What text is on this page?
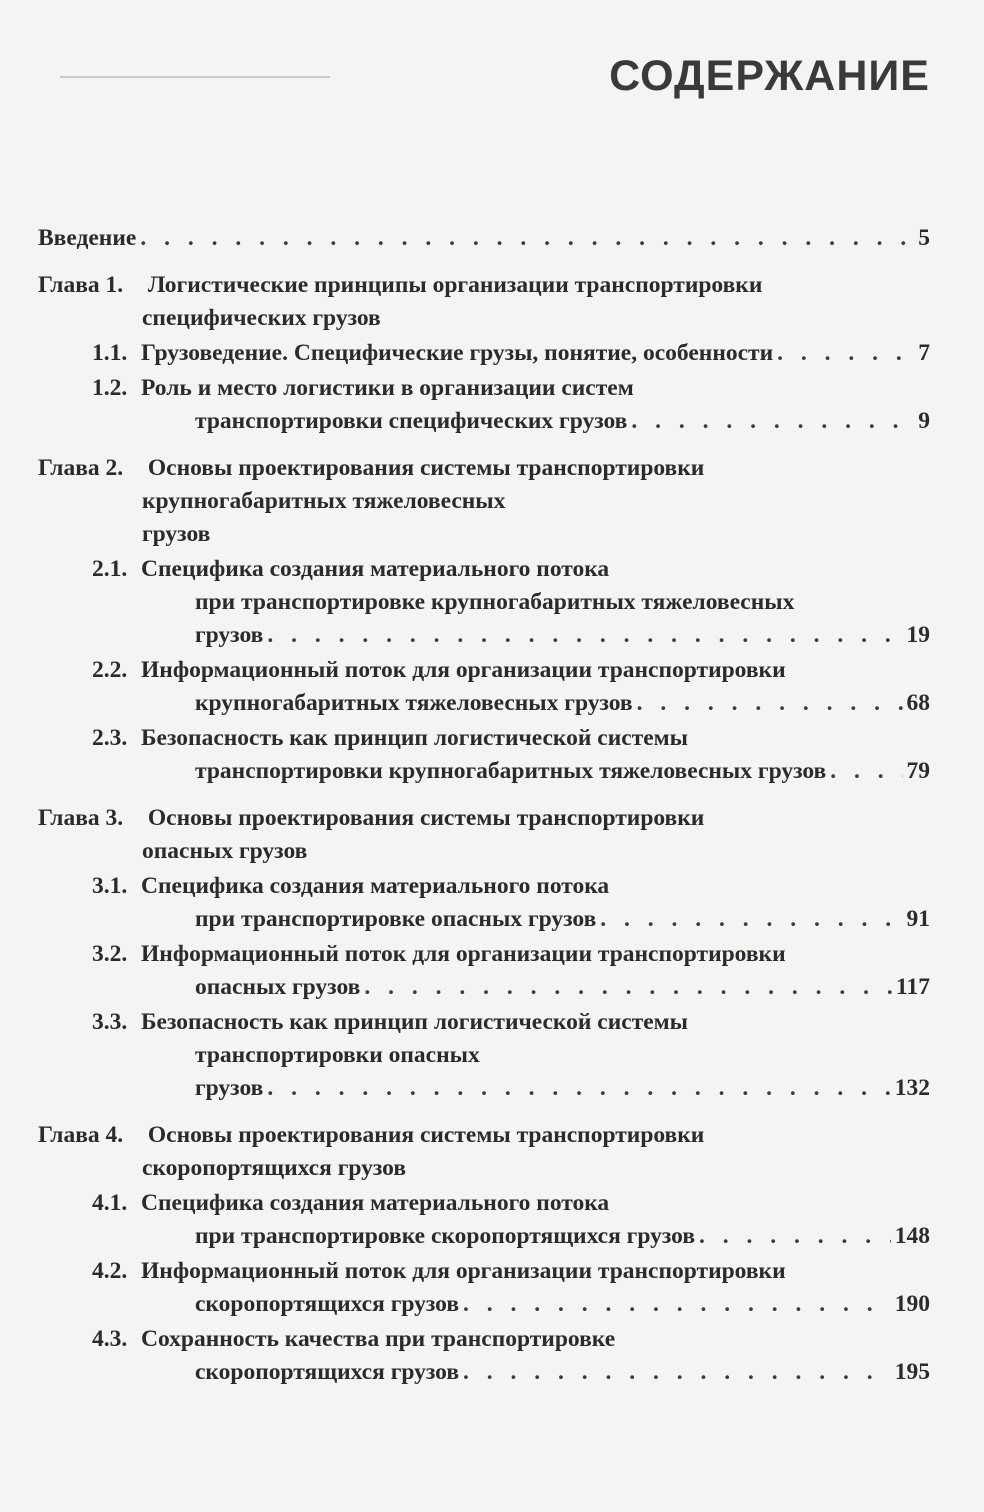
СОДЕРЖАНИЕ
Введение . . .	5
Глава 1. Логистические принципы организации транспортировки
специфических грузов
1.1. Грузоведение. Специфические грузы, понятие, особенности . . .	7
1.2. Роль и место логистики в организации систем
транспортировки специфических грузов . . .	9
Глава 2. Основы проектирования системы транспортировки
крупногабаритных тяжеловесных
грузов
2.1. Специфика создания материального потока
при транспортировке крупногабаритных тяжеловесных
грузов . . .	19
2.2. Информационный поток для организации транспортировки
крупногабаритных тяжеловесных грузов . . .	68
2.3. Безопасность как принцип логистической системы
транспортировки крупногабаритных тяжеловесных грузов . . .	79
Глава 3. Основы проектирования системы транспортировки
опасных грузов
3.1. Специфика создания материального потока
при транспортировке опасных грузов . . .	91
3.2. Информационный поток для организации транспортировки
опасных грузов . . .	117
3.3. Безопасность как принцип логистической системы
транспортировки опасных
грузов . . .	132
Глава 4. Основы проектирования системы транспортировки
скоропортящихся грузов
4.1. Специфика создания материального потока
при транспортировке скоропортящихся грузов . . .	148
4.2. Информационный поток для организации транспортировки
скоропортящихся грузов . . .	190
4.3. Сохранность качества при транспортировке
скоропортящихся грузов . . .	195
